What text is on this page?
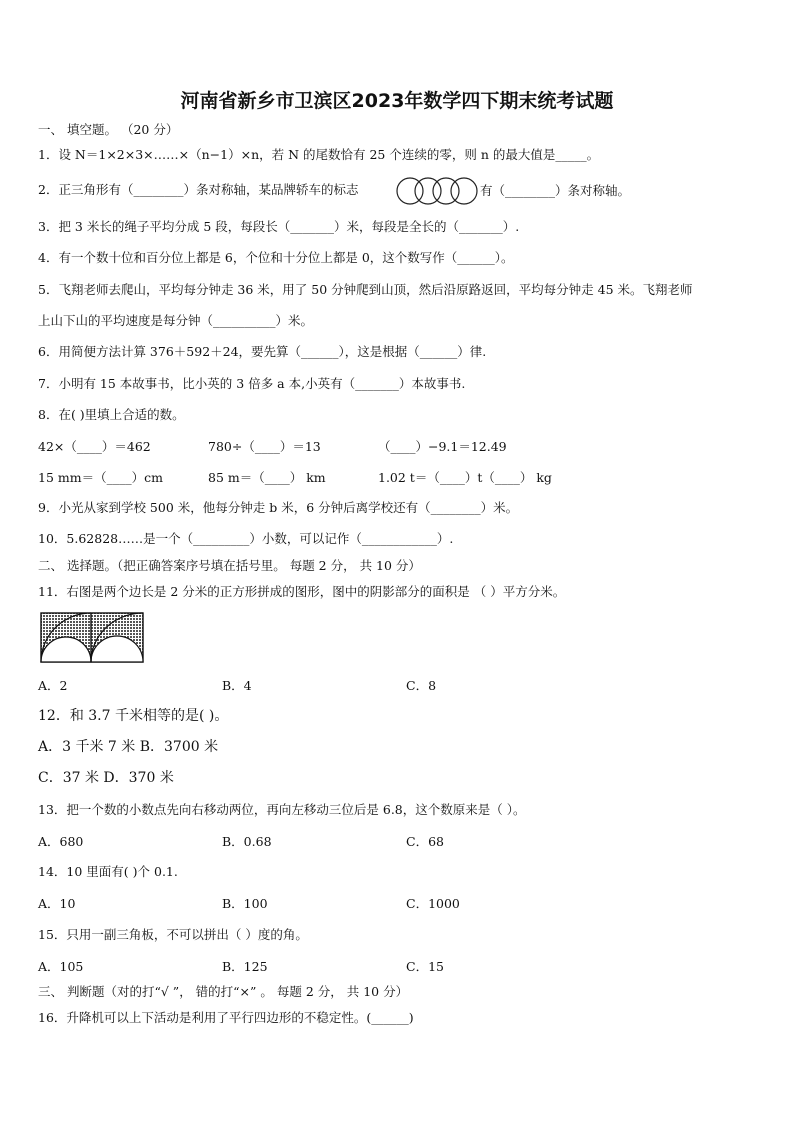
河南省新乡市卫滨区2023年数学四下期末统考试题
一、 填空题。 （20 分）
1．设 N＝1×2×3×……×（n−1）×n，若 N 的尾数恰有 25 个连续的零，则 n 的最大值是_____。
2．正三角形有（________）条对称轴，某品牌轿车的标志	有（________）条对称轴。
3．把 3 米长的绳子平均分成 5 段，每段长（_______）米，每段是全长的（_______）.
4．有一个数十位和百分位上都是 6，个位和十分位上都是 0，这个数写作（______）。
5．飞翔老师去爬山，平均每分钟走 36 米，用了 50 分钟爬到山顶，然后沿原路返回，平均每分钟走 45 米。飞翔老师
上山下山的平均速度是每分钟（__________）米。
6．用简便方法计算 376＋592＋24，要先算（______），这是根据（______）律.
7．小明有 15 本故事书，比小英的 3 倍多 a 本,小英有（_______）本故事书.
8．在( )里填上合适的数。
42×（____）＝462	780÷（____）＝13	（____）−9.1＝12.49
15 mm＝（____）cm	85 m＝（____） km	1.02 t＝（____）t（____） kg
9．小光从家到学校 500 米，他每分钟走 b 米，6 分钟后离学校还有（________）米。
10．5.62828……是一个（_________）小数，可以记作（____________）.
二、 选择题。（把正确答案序号填在括号里。 每题 2 分， 共 10 分）
11．右图是两个边长是 2 分米的正方形拼成的图形，图中的阴影部分的面积是 （ ）平方分米。
A．2	B．4	C．8
12．和 3.7 千米相等的是( )。
A．3 千米 7 米 B．3700 米
C．37 米 D．370 米
13．把一个数的小数点先向右移动两位，再向左移动三位后是 6.8，这个数原来是（ ）。
A．680	B．0.68	C．68
14．10 里面有( )个 0.1.
A．10	B．100	C．1000
15．只用一副三角板，不可以拼出（ ）度的角。
A．105	B．125	C．15
三、 判断题（对的打“√ ”， 错的打“×” 。 每题 2 分， 共 10 分）
16．升降机可以上下活动是利用了平行四边形的不稳定性。(______)
